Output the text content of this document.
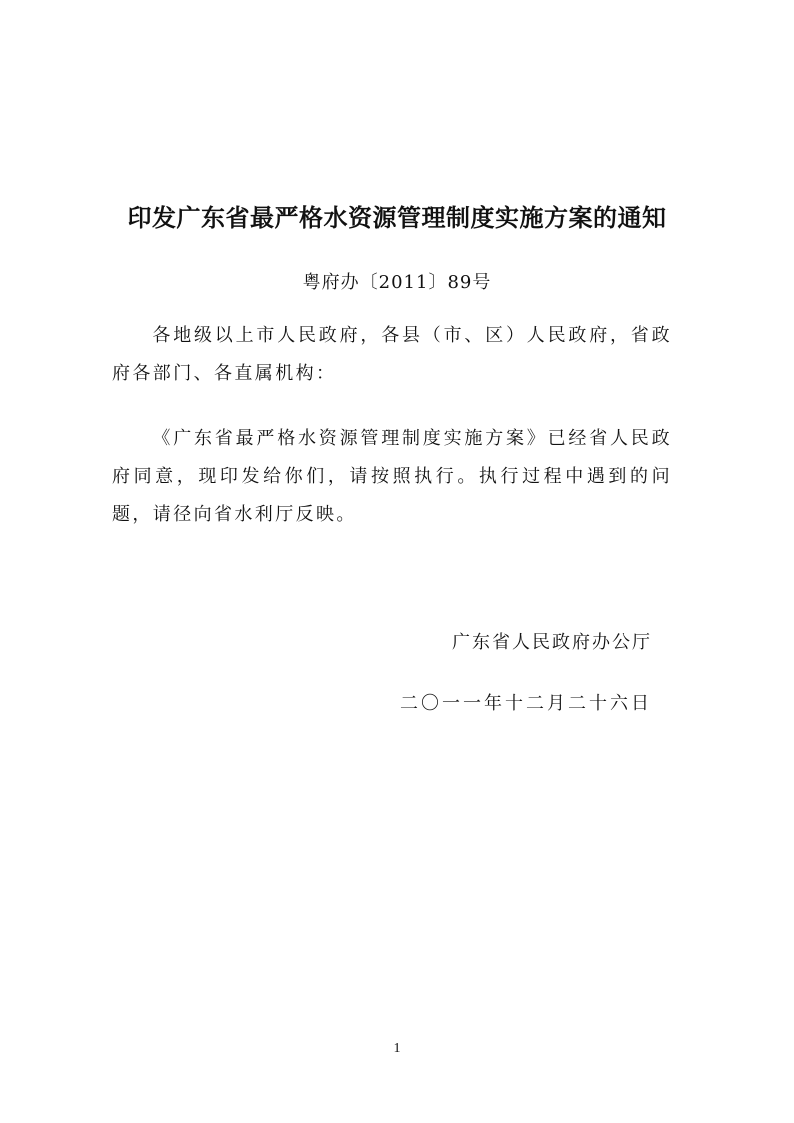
印发广东省最严格水资源管理制度实施方案的通知
粤府办〔2011〕89号
各地级以上市人民政府，各县（市、区）人民政府，省政府各部门、各直属机构：
《广东省最严格水资源管理制度实施方案》已经省人民政府同意，现印发给你们，请按照执行。执行过程中遇到的问题，请径向省水利厅反映。
广东省人民政府办公厅
二〇一一年十二月二十六日
1
